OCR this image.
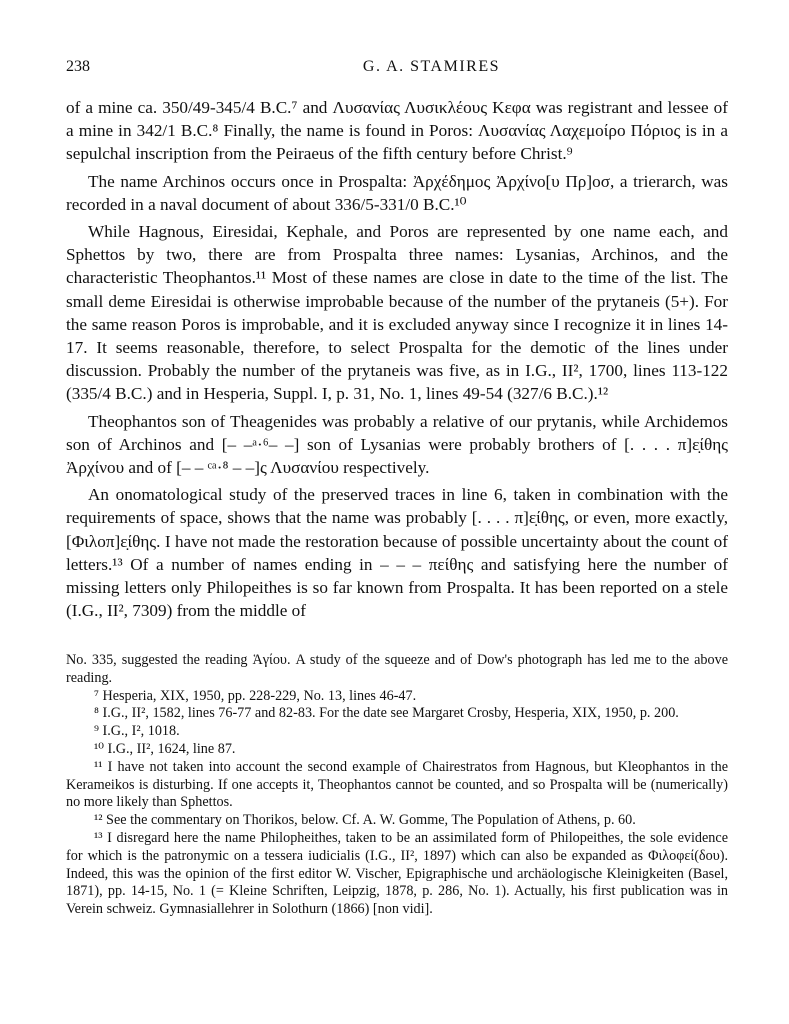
238	G. A. STAMIRES

of a mine ca. 350/49-345/4 B.C.⁷ and Λυσανίας Λυσικλέους Κεφα was registrant and lessee of a mine in 342/1 B.C.⁸ Finally, the name is found in Poros: Λυσανίας Λαχεμοίρο Πόριος is in a sepulchal inscription from the Peiraeus of the fifth century before Christ.⁹

The name Archinos occurs once in Prospalta: Ἀρχέδημος Ἀρχίνο[υ Πρ]οσ, a trierarch, was recorded in a naval document of about 336/5-331/0 B.C.¹⁰

While Hagnous, Eiresidai, Kephale, and Poros are represented by one name each, and Sphettos by two, there are from Prospalta three names: Lysanias, Archinos, and the characteristic Theophantos.¹¹ Most of these names are close in date to the time of the list. The small deme Eiresidai is otherwise improbable because of the number of the prytaneis (5+). For the same reason Poros is improbable, and it is excluded anyway since I recognize it in lines 14-17. It seems reasonable, therefore, to select Prospalta for the demotic of the lines under discussion. Probably the number of the prytaneis was five, as in I.G., II², 1700, lines 113-122 (335/4 B.C.) and in Hesperia, Suppl. I, p. 31, No. 1, lines 49-54 (327/6 B.C.).¹²

Theophantos son of Theagenides was probably a relative of our prytanis, while Archidemos son of Archinos and [– –ᵃ·⁶– –] son of Lysanias were probably brothers of [. . . . π]ε̣ίθης Ἀρχίνου and of [– – ᶜᵃ·⁸ – –]ς Λυσανίου respectively.

An onomatological study of the preserved traces in line 6, taken in combination with the requirements of space, shows that the name was probably [. . . . π]ε̣ίθης, or even, more exactly, [Φιλοπ]ε̣ίθης. I have not made the restoration because of possible uncertainty about the count of letters.¹³ Of a number of names ending in – – – πείθης and satisfying here the number of missing letters only Philopeithes is so far known from Prospalta. It has been reported on a stele (I.G., II², 7309) from the middle of

No. 335, suggested the reading Ἁγίου. A study of the squeeze and of Dow's photograph has led me to the above reading.

⁷ Hesperia, XIX, 1950, pp. 228-229, No. 13, lines 46-47.

⁸ I.G., II², 1582, lines 76-77 and 82-83. For the date see Margaret Crosby, Hesperia, XIX, 1950, p. 200.

⁹ I.G., I², 1018.

¹⁰ I.G., II², 1624, line 87.

¹¹ I have not taken into account the second example of Chairestratos from Hagnous, but Kleophantos in the Kerameikos is disturbing. If one accepts it, Theophantos cannot be counted, and so Prospalta will be (numerically) no more likely than Sphettos.

¹² See the commentary on Thorikos, below. Cf. A. W. Gomme, The Population of Athens, p. 60.

¹³ I disregard here the name Philopheithes, taken to be an assimilated form of Philopeithes, the sole evidence for which is the patronymic on a tessera iudicialis (I.G., II², 1897) which can also be expanded as Φιλοφεί(δου). Indeed, this was the opinion of the first editor W. Vischer, Epigraphische und archäologische Kleinigkeiten (Basel, 1871), pp. 14-15, No. 1 (= Kleine Schriften, Leipzig, 1878, p. 286, No. 1). Actually, his first publication was in Verein schweiz. Gymnasiallehrer in Solothurn (1866) [non vidi].
